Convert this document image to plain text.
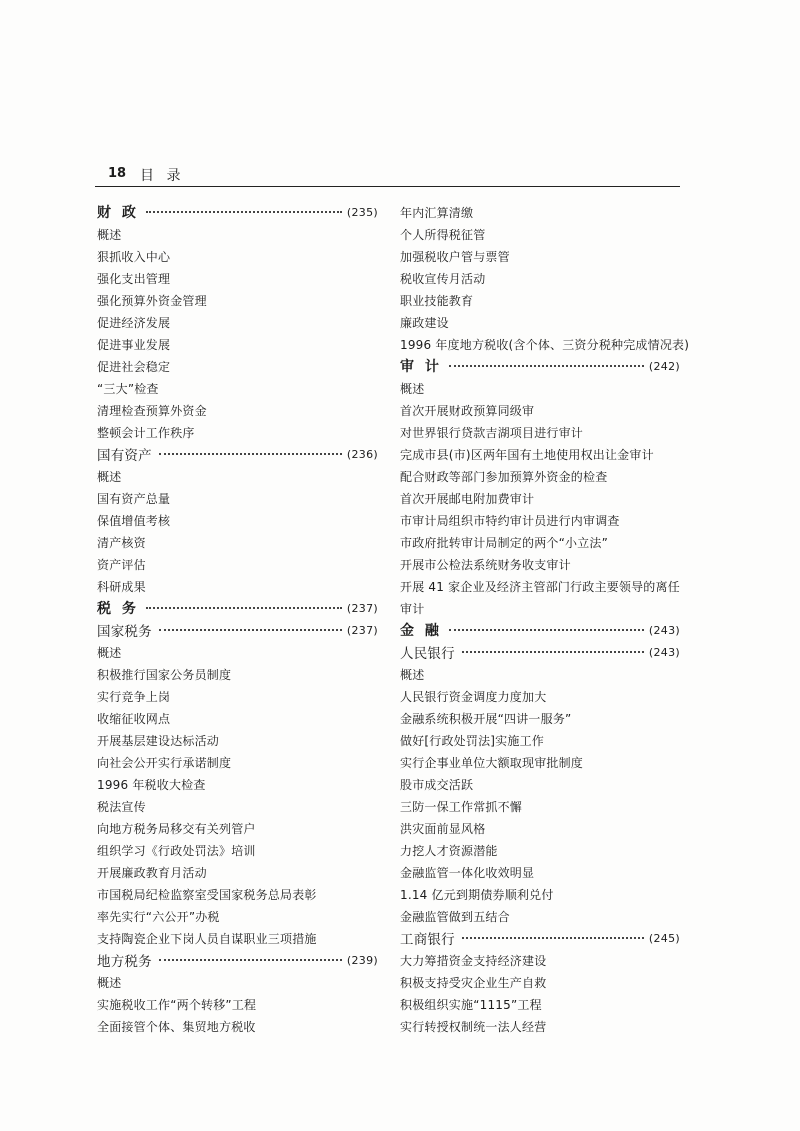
18 目 录
财 政	(235)
概述
狠抓收入中心
强化支出管理
强化预算外资金管理
促进经济发展
促进事业发展
促进社会稳定
“三大”检查
清理检查预算外资金
整顿会计工作秩序
国有资产	(236)
概述
国有资产总量
保值增值考核
清产核资
资产评估
科研成果
税 务	(237)
国家税务	(237)
概述
积极推行国家公务员制度
实行竞争上岗
收缩征收网点
开展基层建设达标活动
向社会公开实行承诺制度
1996 年税收大检查
税法宣传
向地方税务局移交有关列管户
组织学习《行政处罚法》培训
开展廉政教育月活动
市国税局纪检监察室受国家税务总局表彰
率先实行“六公开”办税
支持陶瓷企业下岗人员自谋职业三项措施
地方税务	(239)
概述
实施税收工作“两个转移”工程
全面接管个体、集贸地方税收
年内汇算清缴
个人所得税征管
加强税收户管与票管
税收宣传月活动
职业技能教育
廉政建设
1996 年度地方税收(含个体、三资分税种完成情况表)
审 计	(242)
概述
首次开展财政预算同级审
对世界银行贷款吉湖项目进行审计
完成市县(市)区两年国有土地使用权出让金审计
配合财政等部门参加预算外资金的检查
首次开展邮电附加费审计
市审计局组织市特约审计员进行内审调查
市政府批转审计局制定的两个“小立法”
开展市公检法系统财务收支审计
开展 41 家企业及经济主管部门行政主要领导的离任
审计
金 融	(243)
人民银行	(243)
概述
人民银行资金调度力度加大
金融系统积极开展“四讲一服务”
做好[行政处罚法]实施工作
实行企事业单位大额取现审批制度
股市成交活跃
三防一保工作常抓不懈
洪灾面前显风格
力挖人才资源潜能
金融监管一体化收效明显
1.14 亿元到期债券顺利兑付
金融监管做到五结合
工商银行	(245)
大力筹措资金支持经济建设
积极支持受灾企业生产自救
积极组织实施“1115”工程
实行转授权制统一法人经营
